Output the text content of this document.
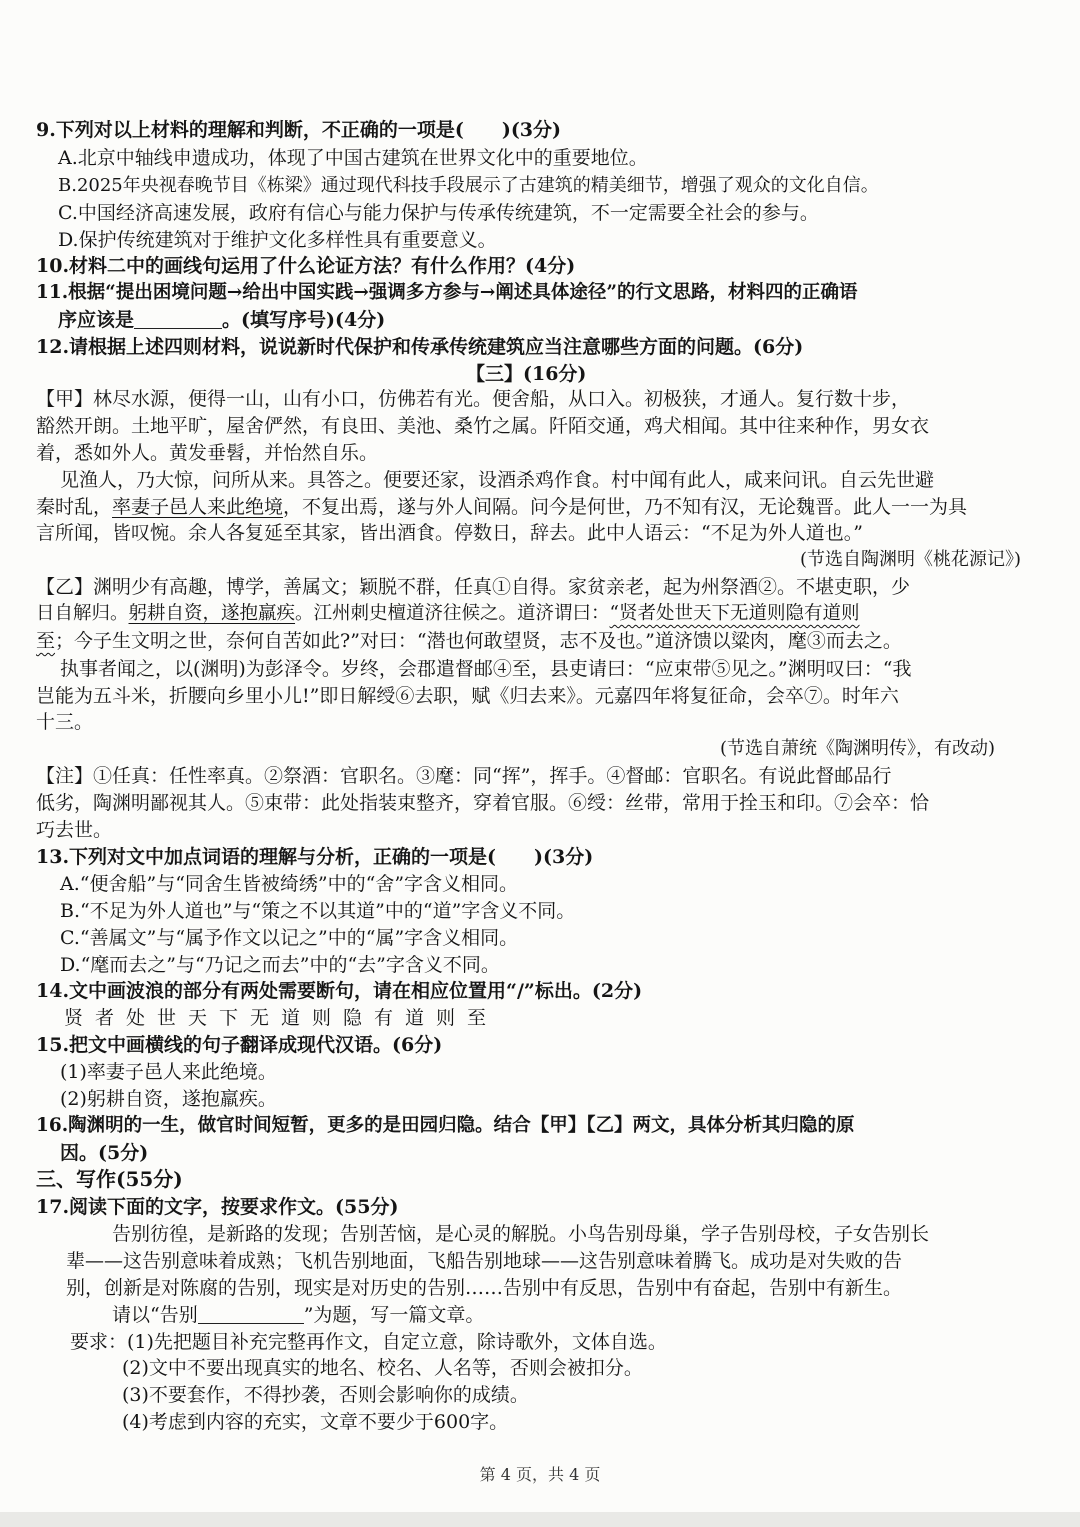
9.下列对以上材料的理解和判断，不正确的一项是(　　)(3分)
A.北京中轴线申遗成功，体现了中国古建筑在世界文化中的重要地位。
B.2025年央视春晚节目《栋梁》通过现代科技手段展示了古建筑的精美细节，增强了观众的文化自信。
C.中国经济高速发展，政府有信心与能力保护与传承传统建筑，不一定需要全社会的参与。
D.保护传统建筑对于维护文化多样性具有重要意义。
10.材料二中的画线句运用了什么论证方法？有什么作用？(4分)
11.根据“提出困境问题→给出中国实践→强调多方参与→阐述具体途径”的行文思路，材料四的正确语
序应该是	。(填写序号)(4分)
12.请根据上述四则材料，说说新时代保护和传承传统建筑应当注意哪些方面的问题。(6分)
【三】(16分)
【甲】林尽水源，便得一山，山有小口，仿佛若有光。便舍船，从口入。初极狭，才通人。复行数十步，
豁然开朗。土地平旷，屋舍俨然，有良田、美池、桑竹之属。阡陌交通，鸡犬相闻。其中往来种作，男女衣
着，悉如外人。黄发垂髫，并怡然自乐。
见渔人，乃大惊，问所从来。具答之。便要还家，设酒杀鸡作食。村中闻有此人，咸来问讯。自云先世避
秦时乱，率妻子邑人来此绝境，不复出焉，遂与外人间隔。问今是何世，乃不知有汉，无论魏晋。此人一一为具
言所闻，皆叹惋。余人各复延至其家，皆出酒食。停数日，辞去。此中人语云：“不足为外人道也。”
(节选自陶渊明《桃花源记》)
【乙】渊明少有高趣，博学，善属文；颖脱不群，任真①自得。家贫亲老，起为州祭酒②。不堪吏职，少
日自解归。躬耕自资，遂抱羸疾。江州刺史檀道济往候之。道济谓曰：“贤者处世天下无道则隐有道则
至；今子生文明之世，奈何自苦如此?”对曰：“潜也何敢望贤，志不及也。”道济馈以粱肉，麾③而去之。
执事者闻之，以(渊明)为彭泽令。岁终，会郡遣督邮④至，县吏请曰：“应束带⑤见之。”渊明叹曰：“我
岂能为五斗米，折腰向乡里小儿!”即日解绶⑥去职，赋《归去来》。元嘉四年将复征命，会卒⑦。时年六
十三。
(节选自萧统《陶渊明传》，有改动)
【注】①任真：任性率真。②祭酒：官职名。③麾：同“挥”，挥手。④督邮：官职名。有说此督邮品行
低劣，陶渊明鄙视其人。⑤束带：此处指装束整齐，穿着官服。⑥绶：丝带，常用于拴玉和印。⑦会卒：恰
巧去世。
13.下列对文中加点词语的理解与分析，正确的一项是(　　)(3分)
A.“便舍船”与“同舍生皆被绮绣”中的“舍”字含义相同。
B.“不足为外人道也”与“策之不以其道”中的“道”字含义不同。
C.“善属文”与“属予作文以记之”中的“属”字含义相同。
D.“麾而去之”与“乃记之而去”中的“去”字含义不同。
14.文中画波浪的部分有两处需要断句，请在相应位置用“/”标出。(2分)
贤者处世天下无道则隐有道则至
15.把文中画横线的句子翻译成现代汉语。(6分)
(1)率妻子邑人来此绝境。
(2)躬耕自资，遂抱羸疾。
16.陶渊明的一生，做官时间短暂，更多的是田园归隐。结合【甲】【乙】两文，具体分析其归隐的原
因。(5分)
三、写作(55分)
17.阅读下面的文字，按要求作文。(55分)
告别彷徨，是新路的发现；告别苦恼，是心灵的解脱。小鸟告别母巢，学子告别母校，子女告别长
辈——这告别意味着成熟；飞机告别地面，飞船告别地球——这告别意味着腾飞。成功是对失败的告
别，创新是对陈腐的告别，现实是对历史的告别……告别中有反思，告别中有奋起，告别中有新生。
请以“告别	”为题，写一篇文章。
要求：(1)先把题目补充完整再作文，自定立意，除诗歌外，文体自选。
(2)文中不要出现真实的地名、校名、人名等，否则会被扣分。
(3)不要套作，不得抄袭，否则会影响你的成绩。
(4)考虑到内容的充实，文章不要少于600字。
第 4 页，共 4 页
